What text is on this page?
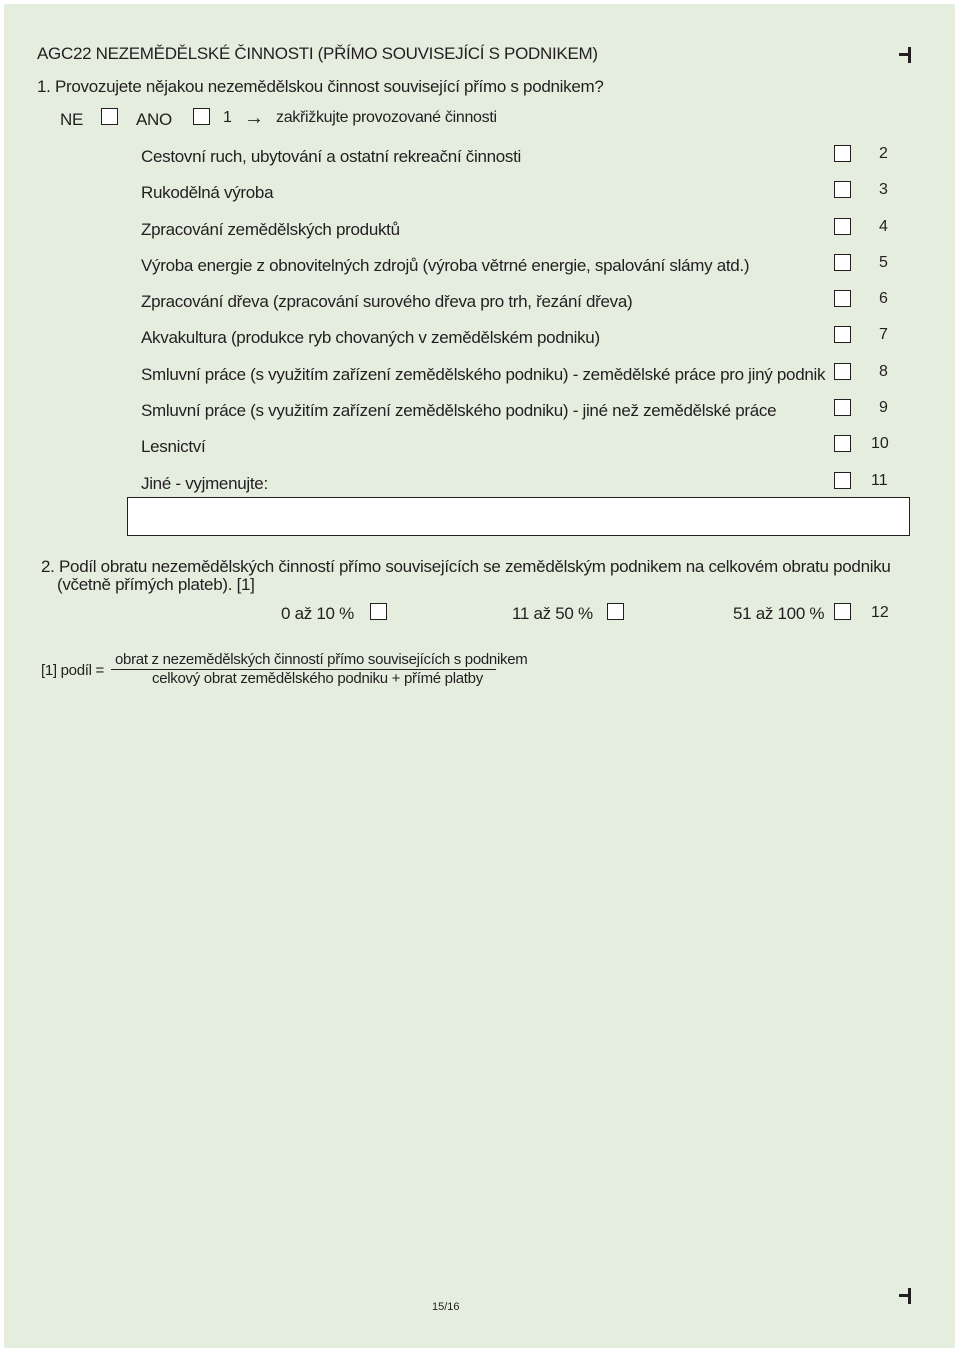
AGC22 NEZEMĚDĚLSKÉ ČINNOSTI (PŘÍMO SOUVISEJÍCÍ S PODNIKEM)
1. Provozujete nějakou nezemědělskou činnost související přímo s podnikem?
NE	ANO	1 → zakřižkujte provozované činnosti
Cestovní ruch, ubytování a ostatní rekreační činnosti	2
Rukodělná výroba	3
Zpracování zemědělských produktů	4
Výroba energie z obnovitelných zdrojů (výroba větrné energie, spalování slámy atd.)	5
Zpracování dřeva (zpracování surového dřeva pro trh, řezání dřeva)	6
Akvakultura (produkce ryb chovaných v zemědělském podniku)	7
Smluvní práce (s využitím zařízení zemědělského podniku) - zemědělské práce pro jiný podnik	8
Smluvní práce (s využitím zařízení zemědělského podniku) - jiné než zemědělské práce	9
Lesnictví	10
Jiné - vyjmenujte:	11
2. Podíl obratu nezemědělských činností přímo souvisejících se zemědělským podnikem na celkovém obratu podniku
(včetně přímých plateb). [1]
0 až 10 %	11 až 50 %	51 až 100 %	12
[1] podíl =
obrat z nezemědělských činností přímo souvisejících s podnikem
celkový obrat zemědělského podniku + přímé platby
15/16
